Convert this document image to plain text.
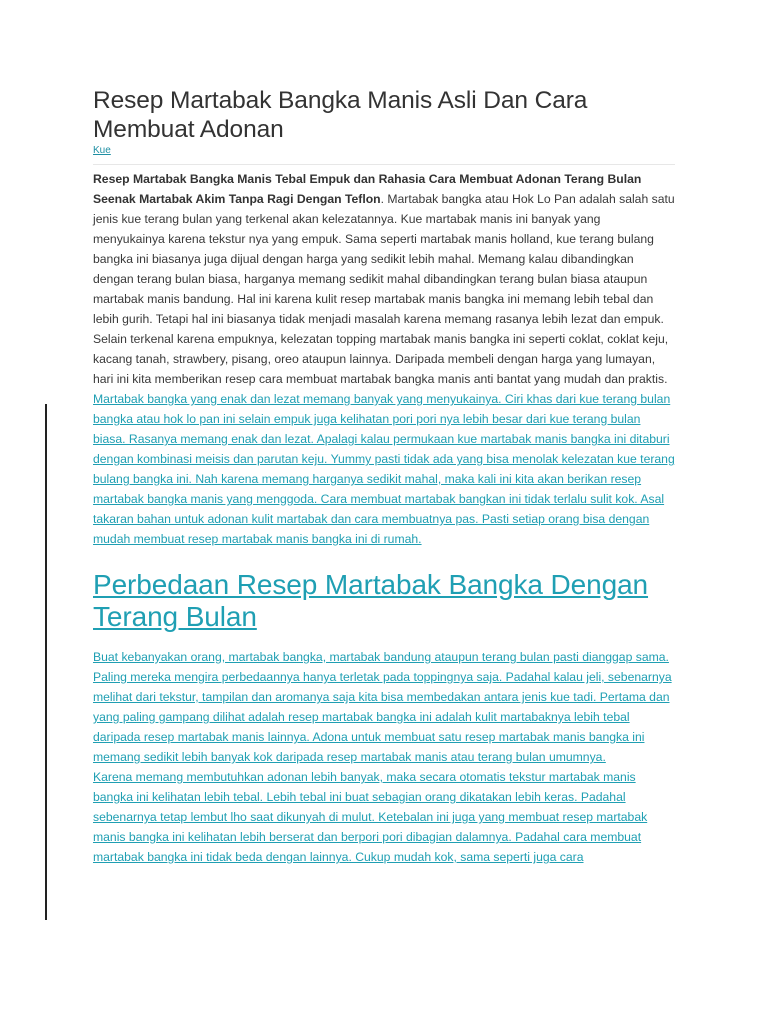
Resep Martabak Bangka Manis Asli Dan Cara Membuat Adonan
Kue

Resep Martabak Bangka Manis Tebal Empuk dan Rahasia Cara Membuat Adonan Terang Bulan Seenak Martabak Akim Tanpa Ragi Dengan Teflon. Martabak bangka atau Hok Lo Pan adalah salah satu jenis kue terang bulan yang terkenal akan kelezatannya. Kue martabak manis ini banyak yang menyukainya karena tekstur nya yang empuk. Sama seperti martabak manis holland, kue terang bulang bangka ini biasanya juga dijual dengan harga yang sedikit lebih mahal. Memang kalau dibandingkan dengan terang bulan biasa, harganya memang sedikit mahal dibandingkan terang bulan biasa ataupun martabak manis bandung. Hal ini karena kulit resep martabak manis bangka ini memang lebih tebal dan lebih gurih. Tetapi hal ini biasanya tidak menjadi masalah karena memang rasanya lebih lezat dan empuk. Selain terkenal karena empuknya, kelezatan topping martabak manis bangka ini seperti coklat, coklat keju, kacang tanah, strawbery, pisang, oreo ataupun lainnya. Daripada membeli dengan harga yang lumayan, hari ini kita memberikan resep cara membuat martabak bangka manis anti bantat yang mudah dan praktis.

Martabak bangka yang enak dan lezat memang banyak yang menyukainya. Ciri khas dari kue terang bulan bangka atau hok lo pan ini selain empuk juga kelihatan pori pori nya lebih besar dari kue terang bulan biasa. Rasanya memang enak dan lezat. Apalagi kalau permukaan kue martabak manis bangka ini ditaburi dengan kombinasi meisis dan parutan keju. Yummy pasti tidak ada yang bisa menolak kelezatan kue terang bulang bangka ini. Nah karena memang harganya sedikit mahal, maka kali ini kita akan berikan resep martabak bangka manis yang menggoda. Cara membuat martabak bangkan ini tidak terlalu sulit kok. Asal takaran bahan untuk adonan kulit martabak dan cara membuatnya pas. Pasti setiap orang bisa dengan mudah membuat resep martabak manis bangka ini di rumah.
Perbedaan Resep Martabak Bangka Dengan Terang Bulan
Buat kebanyakan orang, martabak bangka, martabak bandung ataupun terang bulan pasti dianggap sama. Paling mereka mengira perbedaannya hanya terletak pada toppingnya saja. Padahal kalau jeli, sebenarnya melihat dari tekstur, tampilan dan aromanya saja kita bisa membedakan antara jenis kue tadi. Pertama dan yang paling gampang dilihat adalah resep martabak bangka ini adalah kulit martabaknya lebih tebal daripada resep martabak manis lainnya. Adona untuk membuat satu resep martabak manis bangka ini memang sedikit lebih banyak kok daripada resep martabak manis atau terang bulan umumnya.
Karena memang membutuhkan adonan lebih banyak, maka secara otomatis tekstur martabak manis bangka ini kelihatan lebih tebal. Lebih tebal ini buat sebagian orang dikatakan lebih keras. Padahal sebenarnya tetap lembut lho saat dikunyah di mulut. Ketebalan ini juga yang membuat resep martabak manis bangka ini kelihatan lebih berserat dan berpori pori dibagian dalamnya. Padahal cara membuat martabak bangka ini tidak beda dengan lainnya. Cukup mudah kok, sama seperti juga cara
